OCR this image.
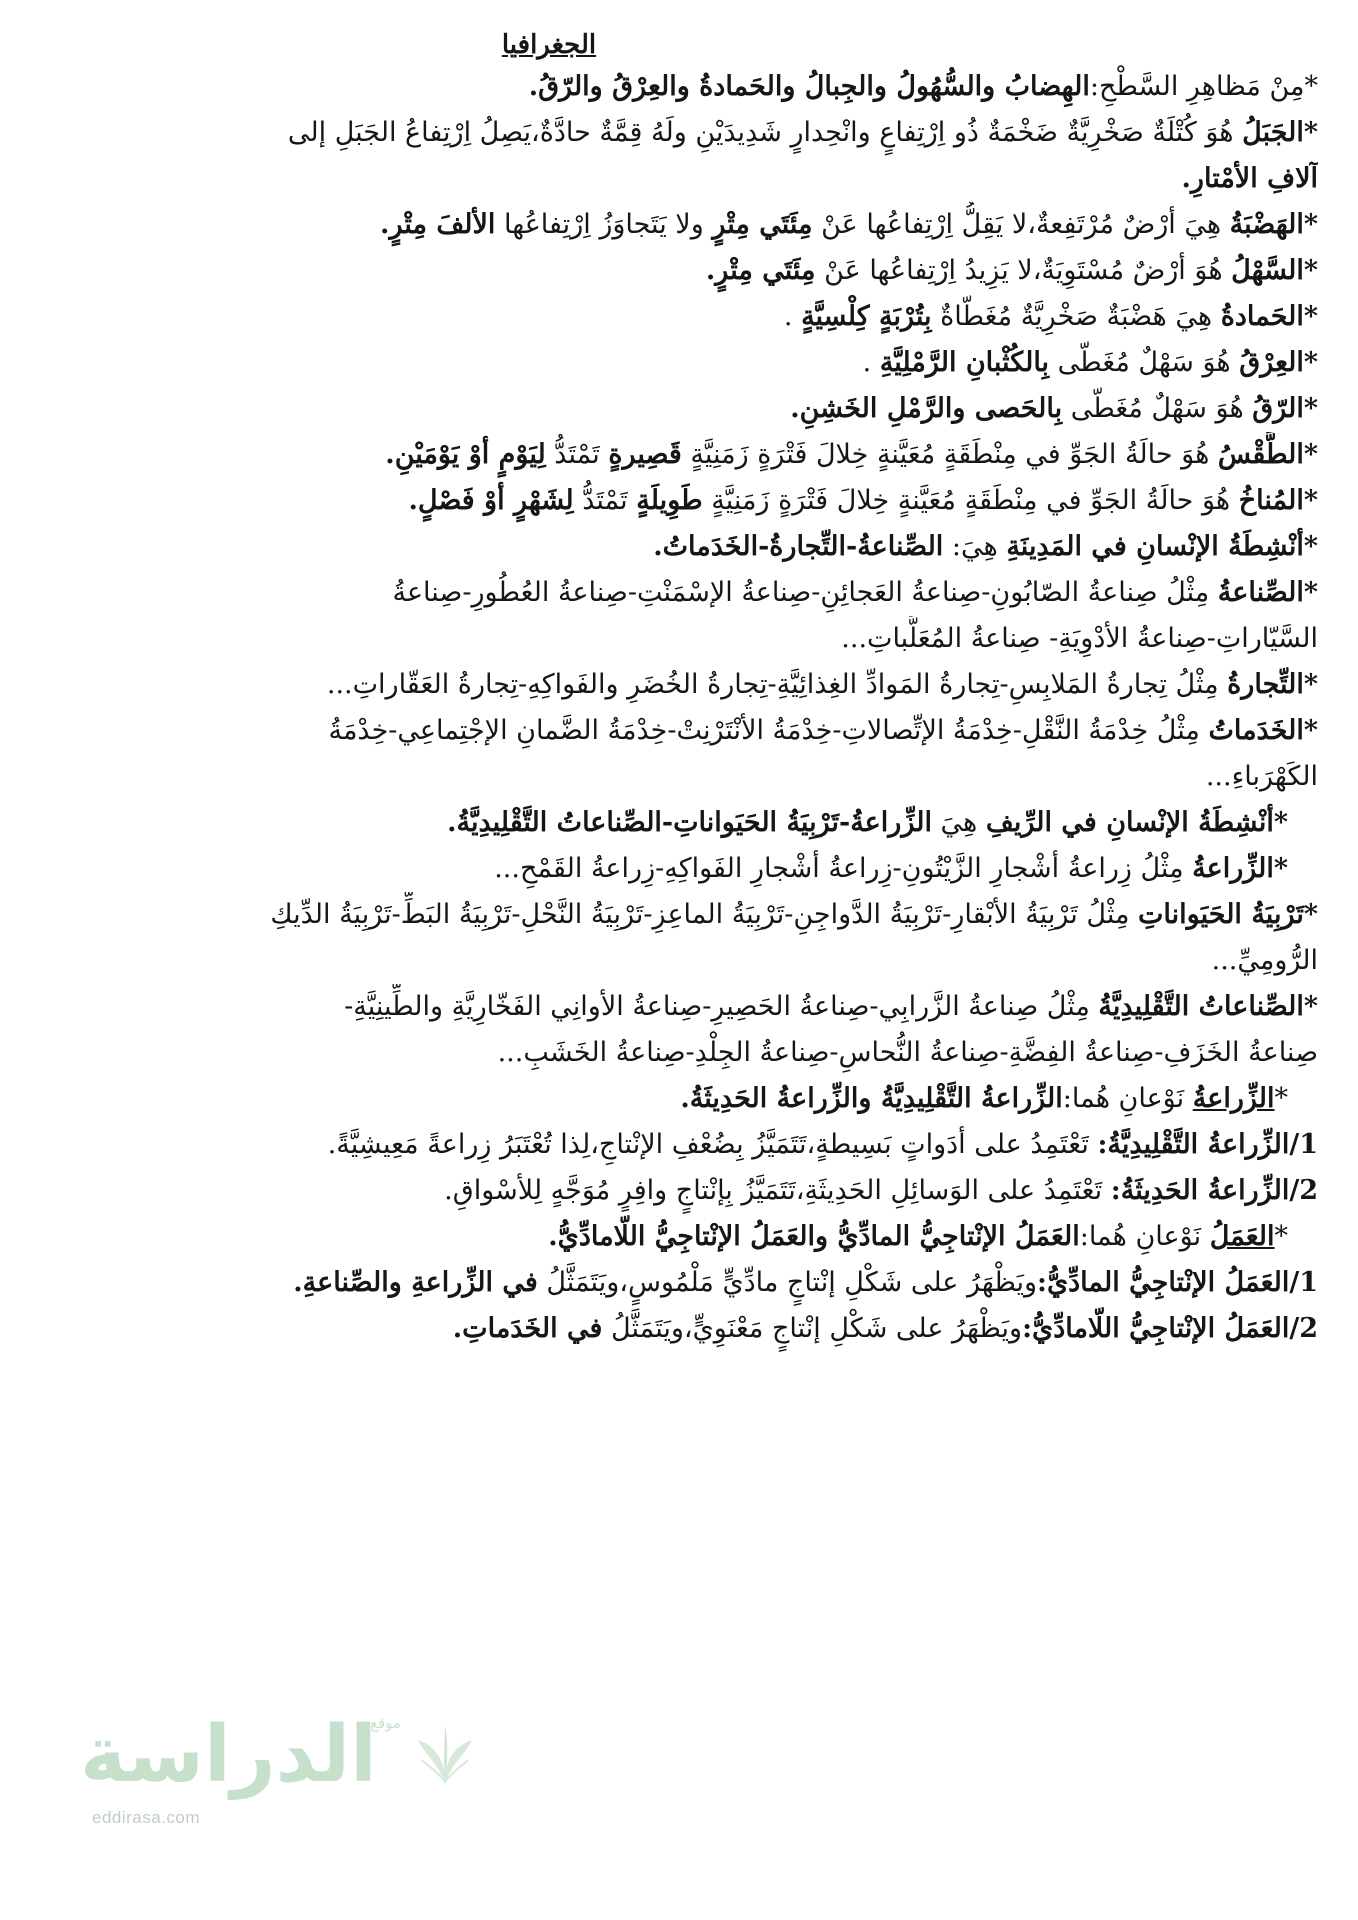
الجغرافيا
*مِنْ مَظاهِرِ السَّطْحِ:الهِضابُ والسُّهُولُ والجِبالُ والحَمادةُ والعِرْقُ والرّقُ.
*الجَبَلُ هُوَ كُتْلَةٌ صَخْرِيَّةٌ ضَخْمَةٌ ذُو اِرْتِفاعٍ وانْحِدارٍ شَدِيدَيْنِ ولَهُ قِمَّةٌ حادَّةٌ،يَصِلُ اِرْتِفاعُ الجَبَلِ إلى
آلافِ الأمْتارِ.
*الهَضْبَةُ هِيَ أرْضٌ مُرْتَفِعةٌ،لا يَقِلُّ اِرْتِفاعُها عَنْ مِئَتَي مِتْرٍ ولا يَتَجاوَزُ اِرْتِفاعُها الألفَ مِتْرٍ.
*السَّهْلُ هُوَ أرْضٌ مُسْتَوِيَةٌ،لا يَزِيدُ اِرْتِفاعُها عَنْ مِئَتَي مِتْرٍ.
*الحَمادةُ هِيَ هَضْبَةٌ صَخْرِيَّةٌ مُغَطّاةٌ بِتُرْبَةٍ كِلْسِيَّةٍ .
*العِرْقُ هُوَ سَهْلٌ مُغَطّى بِالكُثْبانِ الرَّمْلِيَّةِ .
*الرّقُ هُوَ سَهْلٌ مُغَطّى بِالحَصى والرَّمْلِ الخَشِنِ.
*الطَّقْسُ هُوَ حالَةُ الجَوِّ في مِنْطَقَةٍ مُعَيَّنةٍ خِلالَ فَتْرَةٍ زَمَنِيَّةٍ قَصِيرةٍ تَمْتَدُّ لِيَوْمٍ أوْ يَوْمَيْنِ.
*المُناخُ هُوَ حالَةُ الجَوِّ في مِنْطَقَةٍ مُعَيَّنةٍ خِلالَ فَتْرَةٍ زَمَنِيَّةٍ طَوِيلَةٍ تَمْتَدُّ لِشَهْرٍ أوْ فَصْلٍ.
*أنْشِطَةُ الإنْسانِ في المَدِينَةِ هِيَ: الصِّناعةُ-التِّجارةُ-الخَدَماتُ.
*الصِّناعةُ مِثْلُ صِناعةُ الصّابُونِ-صِناعةُ العَجائِنِ-صِناعةُ الإسْمَنْتِ-صِناعةُ العُطُورِ-صِناعةُ
السَّيّاراتِ-صِناعةُ الأدْوِيَةِ- صِناعةُ المُعَلَّباتِ...
*التِّجارةُ مِثْلُ تِجارةُ المَلابِسِ-تِجارةُ المَوادِّ الغِذائِيَّةِ-تِجارةُ الخُضَرِ والفَواكِهِ-تِجارةُ العَقّاراتِ...
*الخَدَماتُ مِثْلُ خِدْمَةُ النَّقْلِ-خِدْمَةُ الإتِّصالاتِ-خِدْمَةُ الأنْتَرْنِتْ-خِدْمَةُ الضَّمانِ الإجْتِماعِي-خِدْمَةُ
الكَهْرَباءِ...
*أنْشِطَةُ الإنْسانِ في الرِّيفِ هِيَ الزِّراعةُ-تَرْبِيَةُ الحَيَواناتِ-الصِّناعاتُ التَّقْلِيدِيَّةُ.
*الزِّراعةُ مِثْلُ زِراعةُ أشْجارِ الزَّيْتُونِ-زِراعةُ أشْجارِ الفَواكِهِ-زِراعةُ القَمْحِ...
*تَرْبِيَةُ الحَيَواناتِ مِثْلُ تَرْبِيَةُ الأبْقارِ-تَرْبِيَةُ الدَّواجِنِ-تَرْبِيَةُ الماعِزِ-تَرْبِيَةُ النَّحْلِ-تَرْبِيَةُ البَطِّ-تَرْبِيَةُ الدِّيكِ
الرُّومِيِّ...
*الصِّناعاتُ التَّقْلِيدِيَّةُ مِثْلُ صِناعةُ الزَّرابِي-صِناعةُ الحَصِيرِ-صِناعةُ الأوانِي الفَخّارِيَّةِ والطِّينِيَّةِ-
صِناعةُ الخَزَفِ-صِناعةُ الفِضَّةِ-صِناعةُ النُّحاسِ-صِناعةُ الجِلْدِ-صِناعةُ الخَشَبِ...
*الزِّراعةُ نَوْعانِ هُما:الزِّراعةُ التَّقْلِيدِيَّةُ والزِّراعةُ الحَدِيثَةُ.
1/الزِّراعةُ التَّقْلِيدِيَّةُ: تَعْتَمِدُ على أدَواتٍ بَسِيطةٍ،تَتَمَيَّزُ بِضُعْفِ الإنْتاجِ،لِذا تُعْتَبَرُ زِراعةً مَعِيشِيَّةً.
2/الزِّراعةُ الحَدِيثَةُ: تَعْتَمِدُ على الوَسائِلِ الحَدِيثَةِ،تَتَمَيَّزُ بِإنْتاجٍ وافِرٍ مُوَجَّهٍ لِلأسْواقِ.
*العَمَلُ نَوْعانِ هُما:العَمَلُ الإنْتاجِيُّ المادِّيُّ والعَمَلُ الإنْتاجِيُّ اللّامادِّيُّ.
1/العَمَلُ الإنْتاجِيُّ المادِّيُّ:ويَظْهَرُ على شَكْلِ إنْتاجٍ مادِّيٍّ مَلْمُوسٍ،ويَتَمَثَّلُ في الزِّراعةِ والصِّناعةِ.
2/العَمَلُ الإنْتاجِيُّ اللّامادِّيُّ:ويَظْهَرُ على شَكْلِ إنْتاجٍ مَعْنَوِيٍّ،ويَتَمَثَّلُ في الخَدَماتِ.
موقع
الدراسة
eddirasa.com
